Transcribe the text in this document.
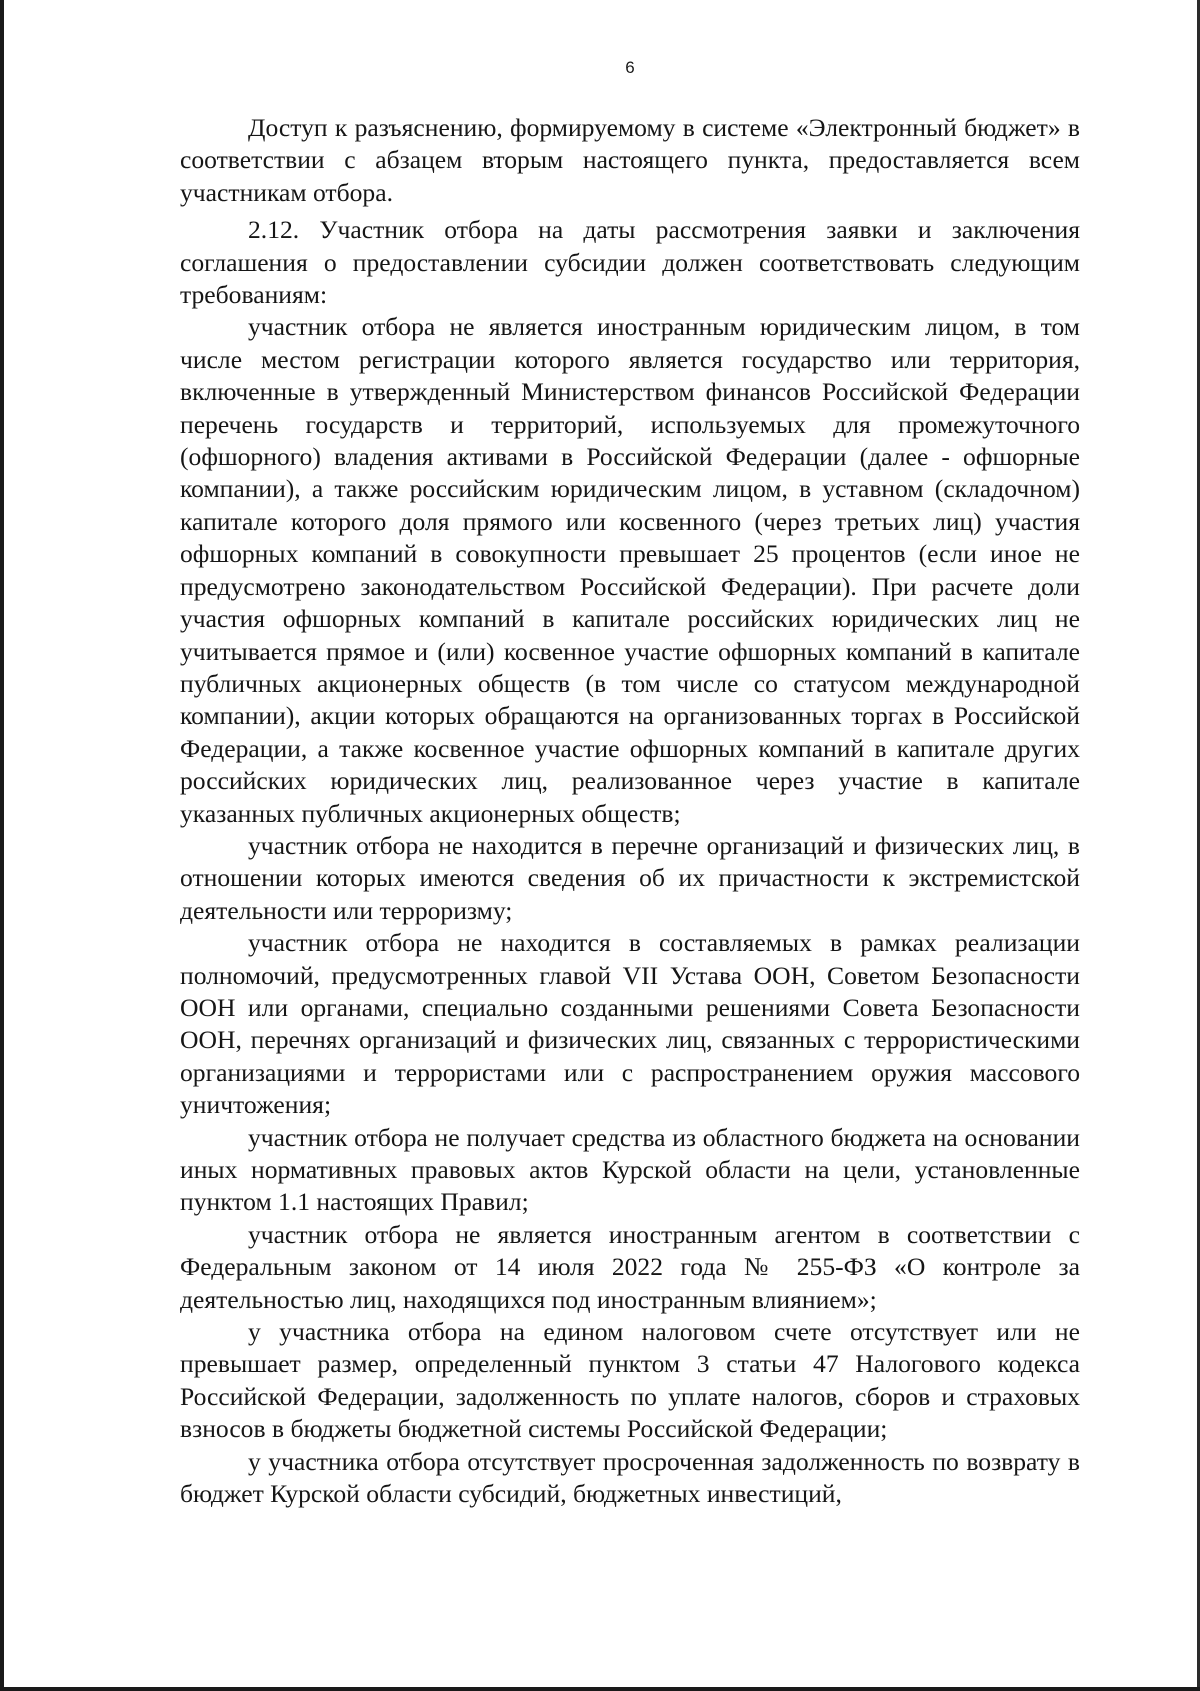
6

Доступ к разъяснению, формируемому в системе «Электронный бюджет» в соответствии с абзацем вторым настоящего пункта, предоставляется всем участникам отбора.

2.12. Участник отбора на даты рассмотрения заявки и заключения соглашения о предоставлении субсидии должен соответствовать следующим требованиям:

участник отбора не является иностранным юридическим лицом, в том числе местом регистрации которого является государство или территория, включенные в утвержденный Министерством финансов Российской Федерации перечень государств и территорий, используемых для промежуточного (офшорного) владения активами в Российской Федерации (далее - офшорные компании), а также российским юридическим лицом, в уставном (складочном) капитале которого доля прямого или косвенного (через третьих лиц) участия офшорных компаний в совокупности превышает 25 процентов (если иное не предусмотрено законодательством Российской Федерации). При расчете доли участия офшорных компаний в капитале российских юридических лиц не учитывается прямое и (или) косвенное участие офшорных компаний в капитале публичных акционерных обществ (в том числе со статусом международной компании), акции которых обращаются на организованных торгах в Российской Федерации, а также косвенное участие офшорных компаний в капитале других российских юридических лиц, реализованное через участие в капитале указанных публичных акционерных обществ;

участник отбора не находится в перечне организаций и физических лиц, в отношении которых имеются сведения об их причастности к экстремистской деятельности или терроризму;

участник отбора не находится в составляемых в рамках реализации полномочий, предусмотренных главой VII Устава ООН, Советом Безопасности ООН или органами, специально созданными решениями Совета Безопасности ООН, перечнях организаций и физических лиц, связанных с террористическими организациями и террористами или с распространением оружия массового уничтожения;

участник отбора не получает средства из областного бюджета на основании иных нормативных правовых актов Курской области на цели, установленные пунктом 1.1 настоящих Правил;

участник отбора не является иностранным агентом в соответствии с Федеральным законом от 14 июля 2022 года № 255-ФЗ «О контроле за деятельностью лиц, находящихся под иностранным влиянием»;

у участника отбора на едином налоговом счете отсутствует или не превышает размер, определенный пунктом 3 статьи 47 Налогового кодекса Российской Федерации, задолженность по уплате налогов, сборов и страховых взносов в бюджеты бюджетной системы Российской Федерации;

у участника отбора отсутствует просроченная задолженность по возврату в бюджет Курской области субсидий, бюджетных инвестиций,
